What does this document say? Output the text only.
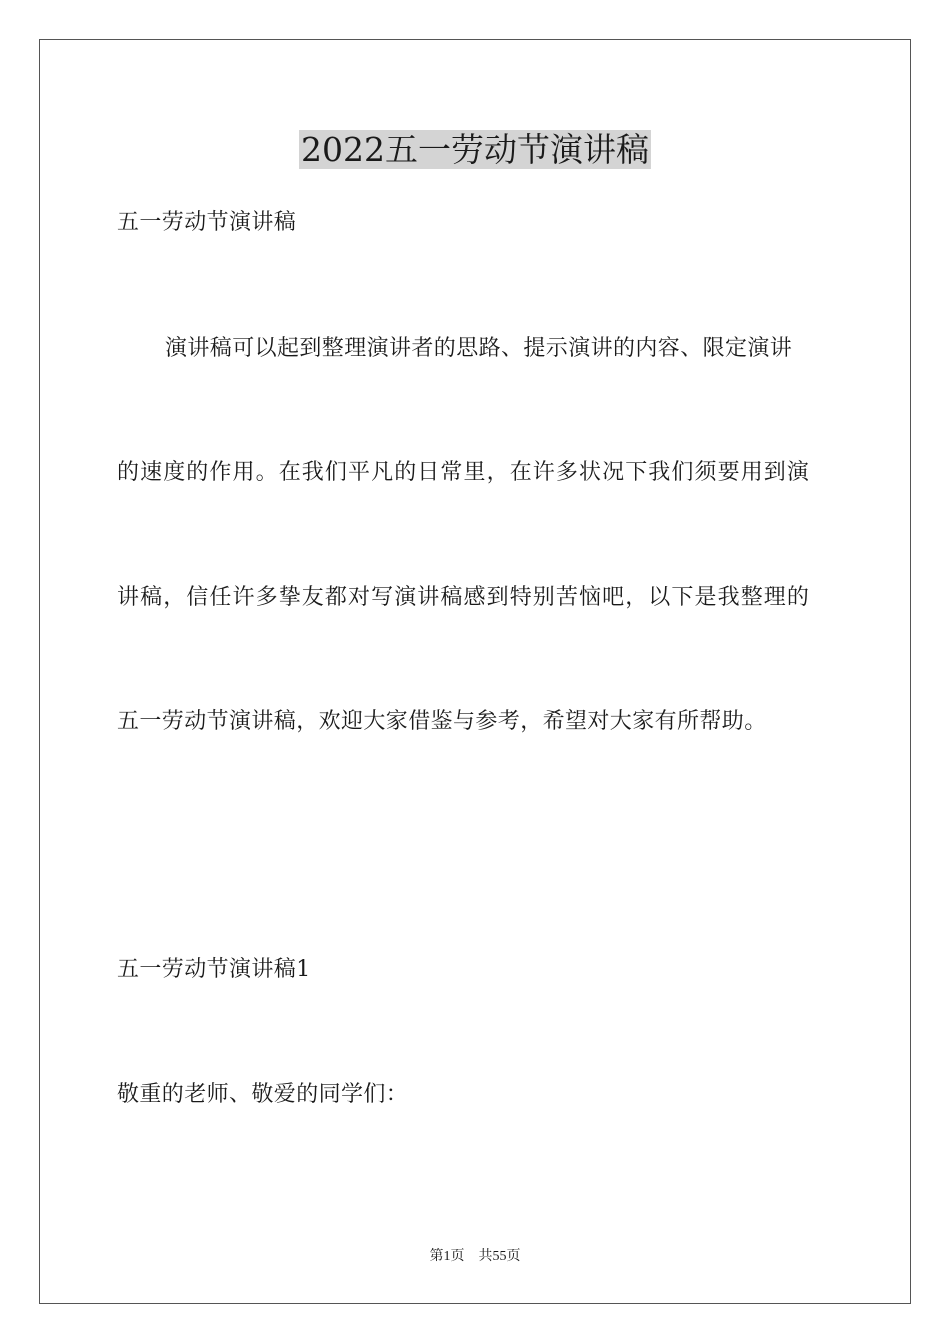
2022五一劳动节演讲稿
五一劳动节演讲稿
演讲稿可以起到整理演讲者的思路、提示演讲的内容、限定演讲
的速度的作用。在我们平凡的日常里，在许多状况下我们须要用到演
讲稿，信任许多挚友都对写演讲稿感到特别苦恼吧，以下是我整理的
五一劳动节演讲稿，欢迎大家借鉴与参考，希望对大家有所帮助。
五一劳动节演讲稿1
敬重的老师、敬爱的同学们：
第1页 共55页
